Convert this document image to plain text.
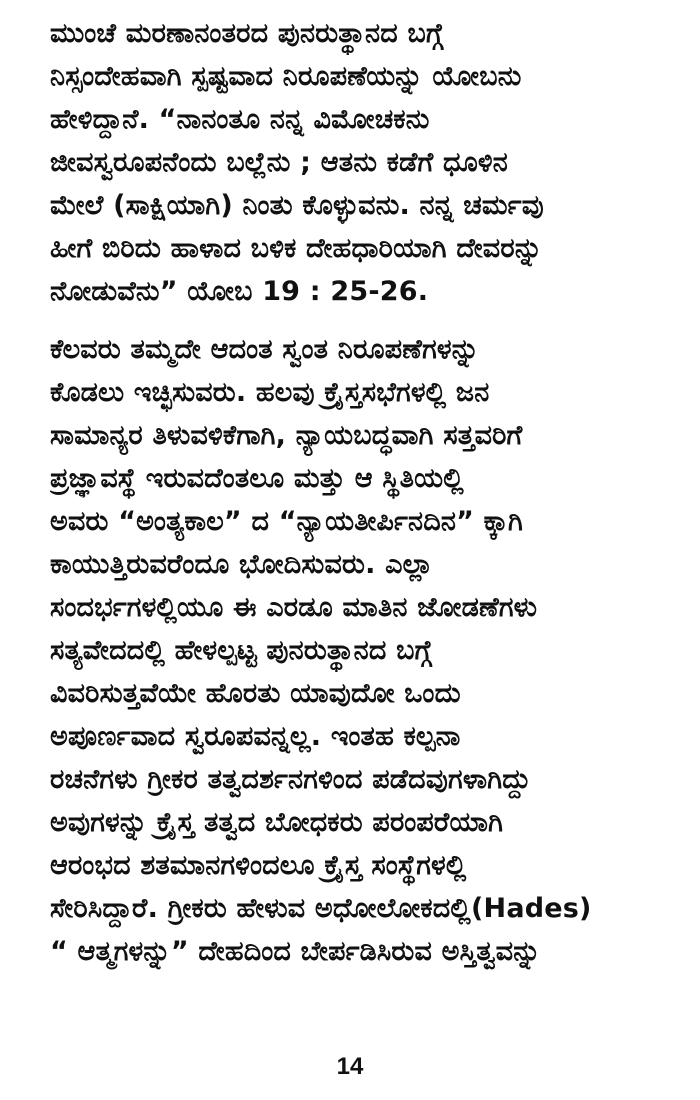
ಮುಂಚೆ ಮರಣಾನಂತರದ ಪುನರುತ್ಥಾನದ ಬಗ್ಗೆ
ನಿಸ್ಸಂದೇಹವಾಗಿ ಸ್ಪಷ್ಟವಾದ ನಿರೂಪಣೆಯನ್ನು ಯೋಬನು
ಹೇಳಿದ್ದಾನೆ. “ನಾನಂತೂ ನನ್ನ ವಿಮೋಚಕನು
ಜೀವಸ್ವರೂಪನೆಂದು ಬಲ್ಲೆನು ; ಆತನು ಕಡೆಗೆ ಧೂಳಿನ
ಮೇಲೆ (ಸಾಕ್ಷಿಯಾಗಿ) ನಿಂತು ಕೊಳ್ಳುವನು. ನನ್ನ ಚರ್ಮವು
ಹೀಗೆ ಬಿರಿದು ಹಾಳಾದ ಬಳಿಕ ದೇಹಧಾರಿಯಾಗಿ ದೇವರನ್ನು
ನೋಡುವೆನು” ಯೋಬ 19 : 25-26.
ಕೆಲವರು ತಮ್ಮದೇ ಆದಂತ ಸ್ವಂತ ನಿರೂಪಣೆಗಳನ್ನು
ಕೊಡಲು ಇಚ್ಛಿಸುವರು. ಹಲವು ಕ್ರೈಸ್ತಸಭೆಗಳಲ್ಲಿ ಜನ
ಸಾಮಾನ್ಯರ ತಿಳುವಳಿಕೆಗಾಗಿ, ನ್ಯಾಯಬದ್ಧವಾಗಿ ಸತ್ತವರಿಗೆ
ಪ್ರಜ್ಞಾವಸ್ಥೆ ಇರುವದೆಂತಲೂ ಮತ್ತು ಆ ಸ್ಥಿತಿಯಲ್ಲಿ
ಅವರು “ಅಂತ್ಯಕಾಲ” ದ “ನ್ಯಾಯತೀರ್ಪಿನದಿನ” ಕ್ಕಾಗಿ
ಕಾಯುತ್ತಿರುವರೆಂದೂ ಭೋದಿಸುವರು. ಎಲ್ಲಾ
ಸಂದರ್ಭಗಳಲ್ಲಿಯೂ ಈ ಎರಡೂ ಮಾತಿನ ಜೋಡಣೆಗಳು
ಸತ್ಯವೇದದಲ್ಲಿ ಹೇಳಲ್ಪಟ್ಟ ಪುನರುತ್ಥಾನದ ಬಗ್ಗೆ
ವಿವರಿಸುತ್ತವೆಯೇ ಹೊರತು ಯಾವುದೋ ಒಂದು
ಅಪೂರ್ಣವಾದ ಸ್ವರೂಪವನ್ನಲ್ಲ. ಇಂತಹ ಕಲ್ಪನಾ
ರಚನೆಗಳು ಗ್ರೀಕರ ತತ್ವದರ್ಶನಗಳಿಂದ ಪಡೆದವುಗಳಾಗಿದ್ದು
ಅವುಗಳನ್ನು ಕ್ರೈಸ್ತ ತತ್ವದ ಬೋಧಕರು ಪರಂಪರೆಯಾಗಿ
ಆರಂಭದ ಶತಮಾನಗಳಿಂದಲೂ ಕ್ರೈಸ್ತ ಸಂಸ್ಥೆಗಳಲ್ಲಿ
ಸೇರಿಸಿದ್ದಾರೆ. ಗ್ರೀಕರು ಹೇಳುವ ಅಧೋಲೋಕದಲ್ಲಿ(Hades)
“ ಆತ್ಮಗಳನ್ನು” ದೇಹದಿಂದ ಬೇರ್ಪಡಿಸಿರುವ ಅಸ್ತಿತ್ವವನ್ನು
14
